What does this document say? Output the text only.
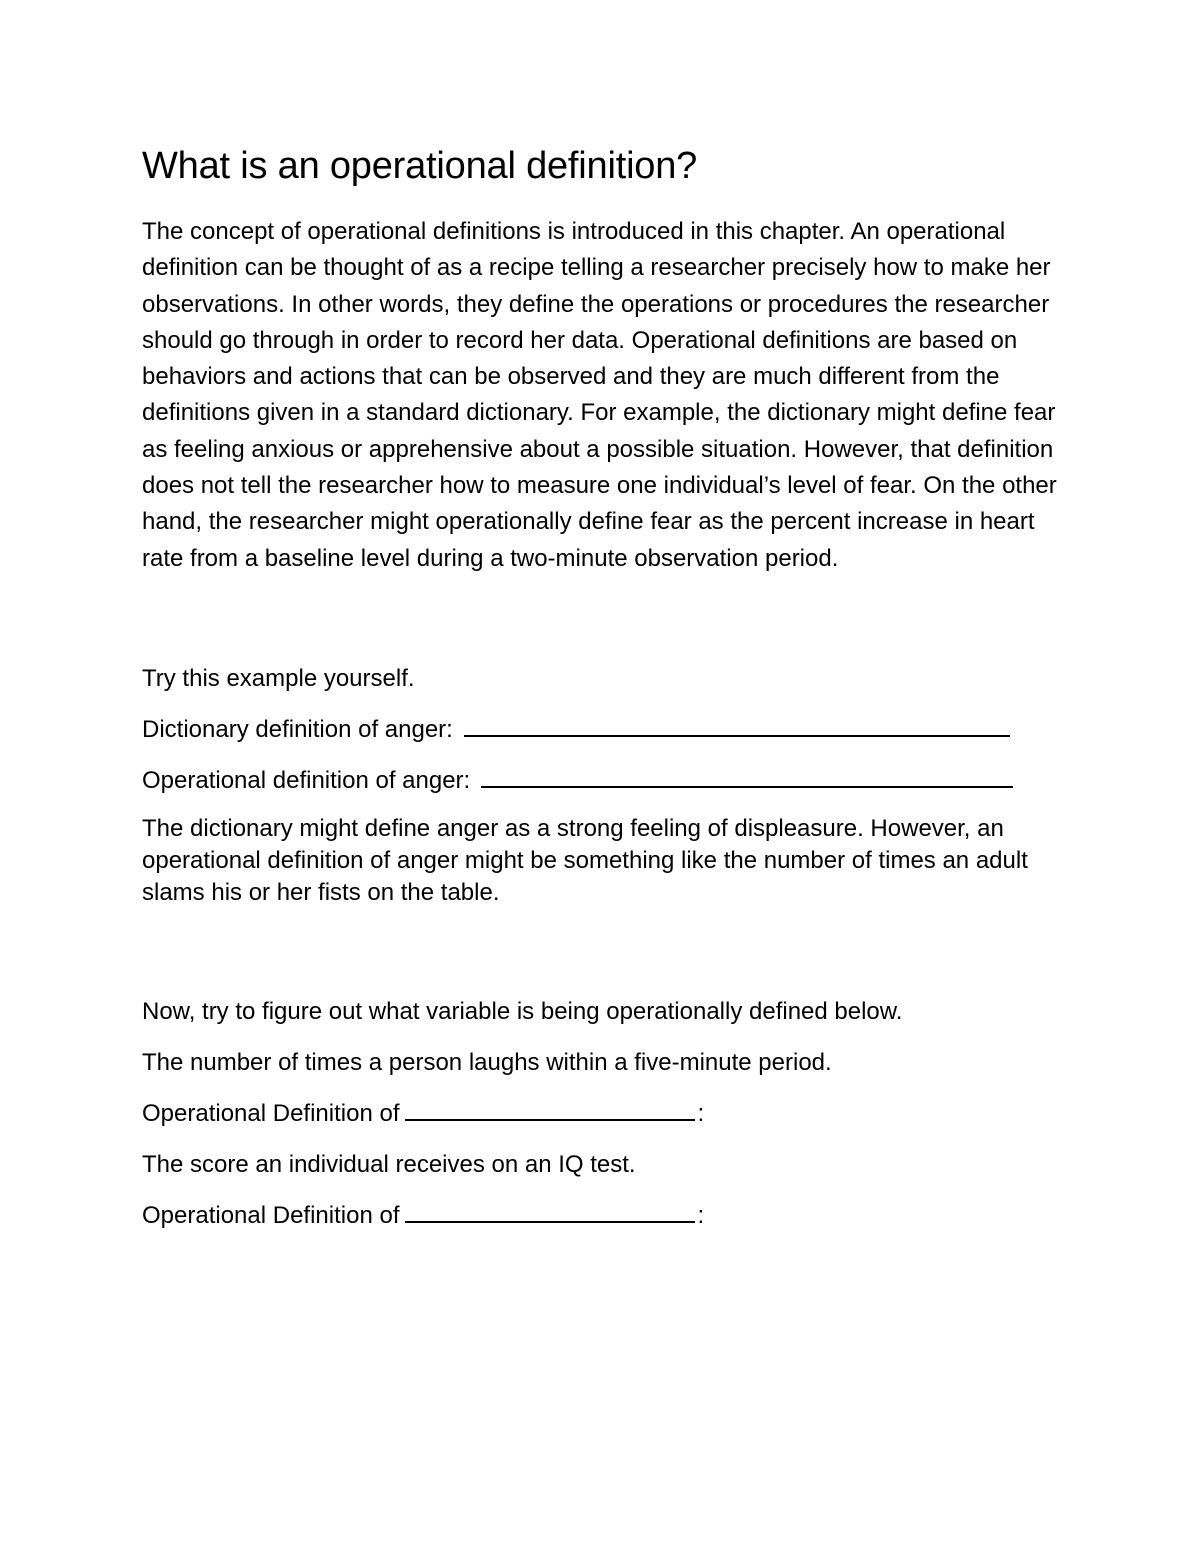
What is an operational definition?

The concept of operational definitions is introduced in this chapter. An operational definition can be thought of as a recipe telling a researcher precisely how to make her observations. In other words, they define the operations or procedures the researcher should go through in order to record her data. Operational definitions are based on behaviors and actions that can be observed and they are much different from the definitions given in a standard dictionary. For example, the dictionary might define fear as feeling anxious or apprehensive about a possible situation. However, that definition does not tell the researcher how to measure one individual’s level of fear. On the other hand, the researcher might operationally define fear as the percent increase in heart rate from a baseline level during a two-minute observation period.

Try this example yourself.

Dictionary definition of anger:
Operational definition of anger:

The dictionary might define anger as a strong feeling of displeasure. However, an operational definition of anger might be something like the number of times an adult slams his or her fists on the table.

Now, try to figure out what variable is being operationally defined below.

The number of times a person laughs within a five-minute period.

Operational Definition of	:

The score an individual receives on an IQ test.

Operational Definition of	:
